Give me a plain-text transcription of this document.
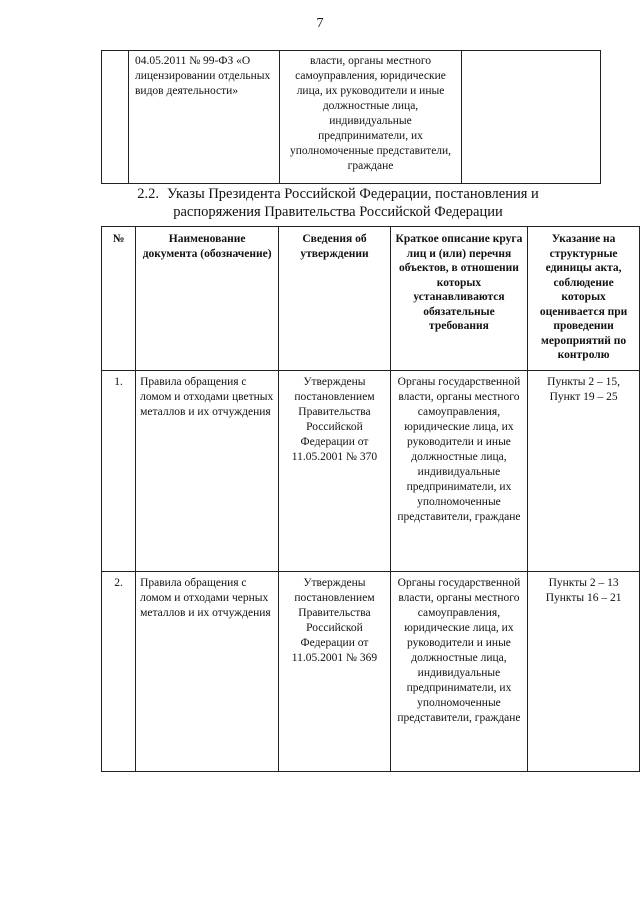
7
	04.05.2011 № 99-ФЗ «О лицензировании отдельных видов деятельности»	власти, органы местного самоуправления, юридические лица, их руководители и иные должностные лица, индивидуальные предприниматели, их уполномоченные представители, граждане	
2.2. Указы Президента Российской Федерации, постановления и распоряжения Правительства Российской Федерации
№	Наименование документа (обозначение)	Сведения об утверждении	Краткое описание круга лиц и (или) перечня объектов, в отношении которых устанавливаются обязательные требования	Указание на структурные единицы акта, соблюдение которых оценивается при проведении мероприятий по контролю
1.	Правила обращения с ломом и отходами цветных металлов и их отчуждения	Утверждены постановлением Правительства Российской Федерации от 11.05.2001 № 370	Органы государственной власти, органы местного самоуправления, юридические лица, их руководители и иные должностные лица, индивидуальные предприниматели, их уполномоченные представители, граждане	Пункты 2 – 15,
Пункт 19 – 25

2.	Правила обращения с ломом и отходами черных металлов и их отчуждения	Утверждены постановлением Правительства Российской Федерации от 11.05.2001 № 369	Органы государственной власти, органы местного самоуправления, юридические лица, их руководители и иные должностные лица, индивидуальные предприниматели, их уполномоченные представители, граждане	Пункты 2 – 13
Пункты 16 – 21
